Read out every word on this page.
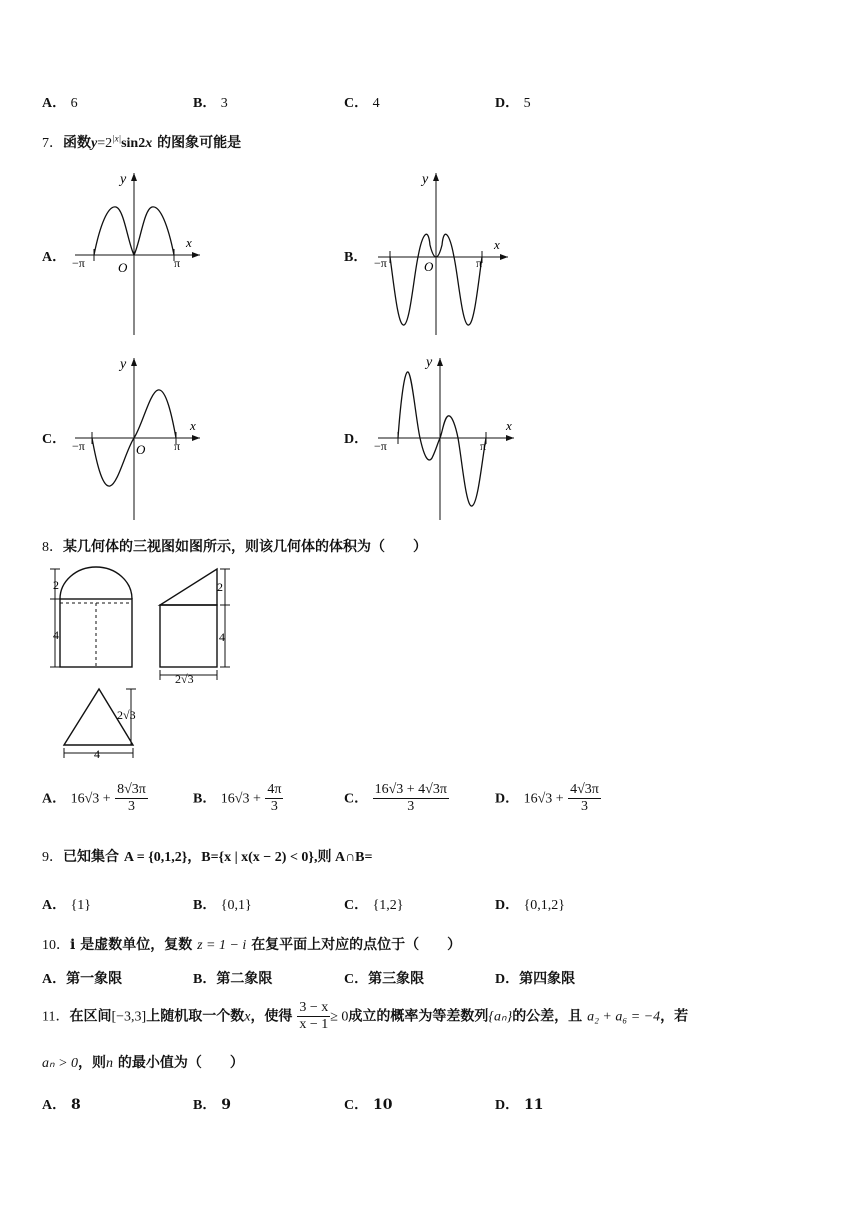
A． 6	B． 3	C． 4	D． 5
7．函数$y=2^{|x|}\sin 2x$ 的图象可能是
A．	B．
C．	D．
y
x
O
−π	π
y
x
O
−π	π
y
x
O
−π	π
y
x
−π	π
8．某几何体的三视图如图所示，则该几何体的体积为（　　）
2
4
2
4
2√3
2√3
4
A． $16√3 + \frac{8√3\pi}{3}$	B． $16√3 + \frac{4\pi}{3}$	C． $\frac{16√3 + 4√3\pi}{3}$	D． $16√3 + \frac{4√3\pi}{3}$
9．已知集合 A = {0,1,2}，B={x | x(x − 2) < 0},则 A∩B=
A． {1}	B． {0,1}	C． {1,2}	D． {0,1,2}
10．i 是虚数单位，复数 z = 1 − i 在复平面上对应的点位于（　　）
A．第一象限	B．第二象限	C．第三象限	D．第四象限
11．在区间[−3,3]上随机取一个数x，使得 $\frac{3 - x}{x - 1} \ge 0$成立的概率为等差数列{aₙ}的公差，且 a₂ + a₆ = −4，若
aₙ > 0，则n 的最小值为（　　）
A． 8	B． 9	C． 10	D． 11
